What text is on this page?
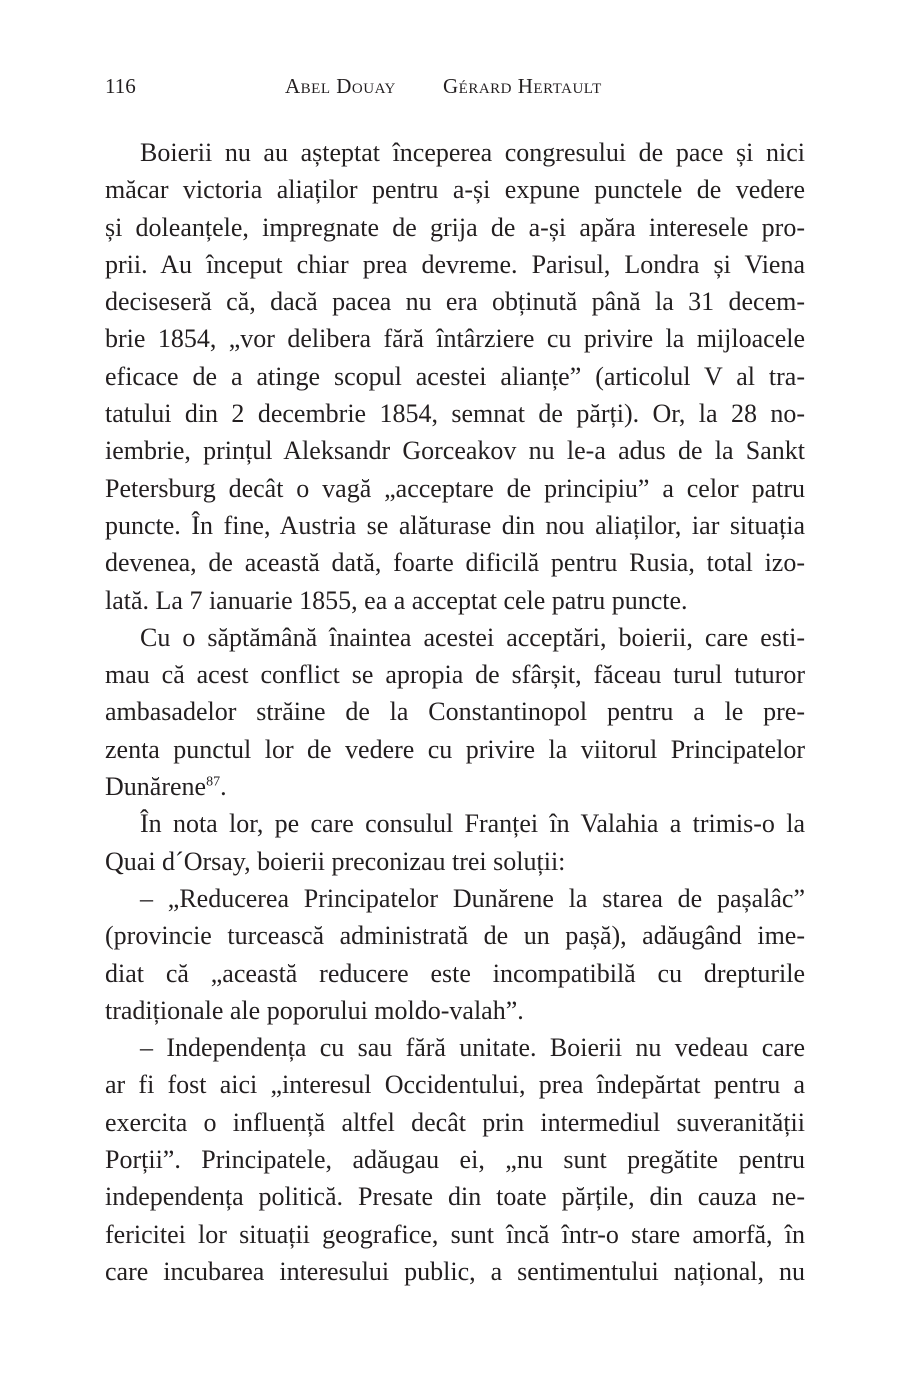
116	Abel Douay Gérard Hertault

Boierii nu au așteptat începerea congresului de pace și nici
măcar victoria aliaților pentru a-și expune punctele de vedere
și doleanțele, impregnate de grija de a-și apăra interesele pro-
prii. Au început chiar prea devreme. Parisul, Londra și Viena
deciseseră că, dacă pacea nu era obținută până la 31 decem-
brie 1854, „vor delibera fără întârziere cu privire la mijloacele
eficace de a atinge scopul acestei alianțe” (articolul V al tra-
tatului din 2 decembrie 1854, semnat de părți). Or, la 28 no-
iembrie, prințul Aleksandr Gorceakov nu le-a adus de la Sankt
Petersburg decât o vagă „acceptare de principiu” a celor patru
puncte. În fine, Austria se alăturase din nou aliaților, iar situația
devenea, de această dată, foarte dificilă pentru Rusia, total izo-
lată. La 7 ianuarie 1855, ea a acceptat cele patru puncte.

Cu o săptămână înaintea acestei acceptări, boierii, care esti-
mau că acest conflict se apropia de sfârșit, făceau turul tuturor
ambasadelor străine de la Constantinopol pentru a le pre-
zenta punctul lor de vedere cu privire la viitorul Principatelor
Dunărene$^{87}$.

În nota lor, pe care consulul Franței în Valahia a trimis-o la
Quai d´Orsay, boierii preconizau trei soluții:

– „Reducerea Principatelor Dunărene la starea de pașalâc”
(provincie turcească administrată de un pașă), adăugând ime-
diat că „această reducere este incompatibilă cu drepturile
tradiționale ale poporului moldo-valah”.

– Independența cu sau fără unitate. Boierii nu vedeau care
ar fi fost aici „interesul Occidentului, prea îndepărtat pentru a
exercita o influență altfel decât prin intermediul suveranității
Porții”. Principatele, adăugau ei, „nu sunt pregătite pentru
independența politică. Presate din toate părțile, din cauza ne-
fericitei lor situații geografice, sunt încă într-o stare amorfă, în
care incubarea interesului public, a sentimentului național, nu
